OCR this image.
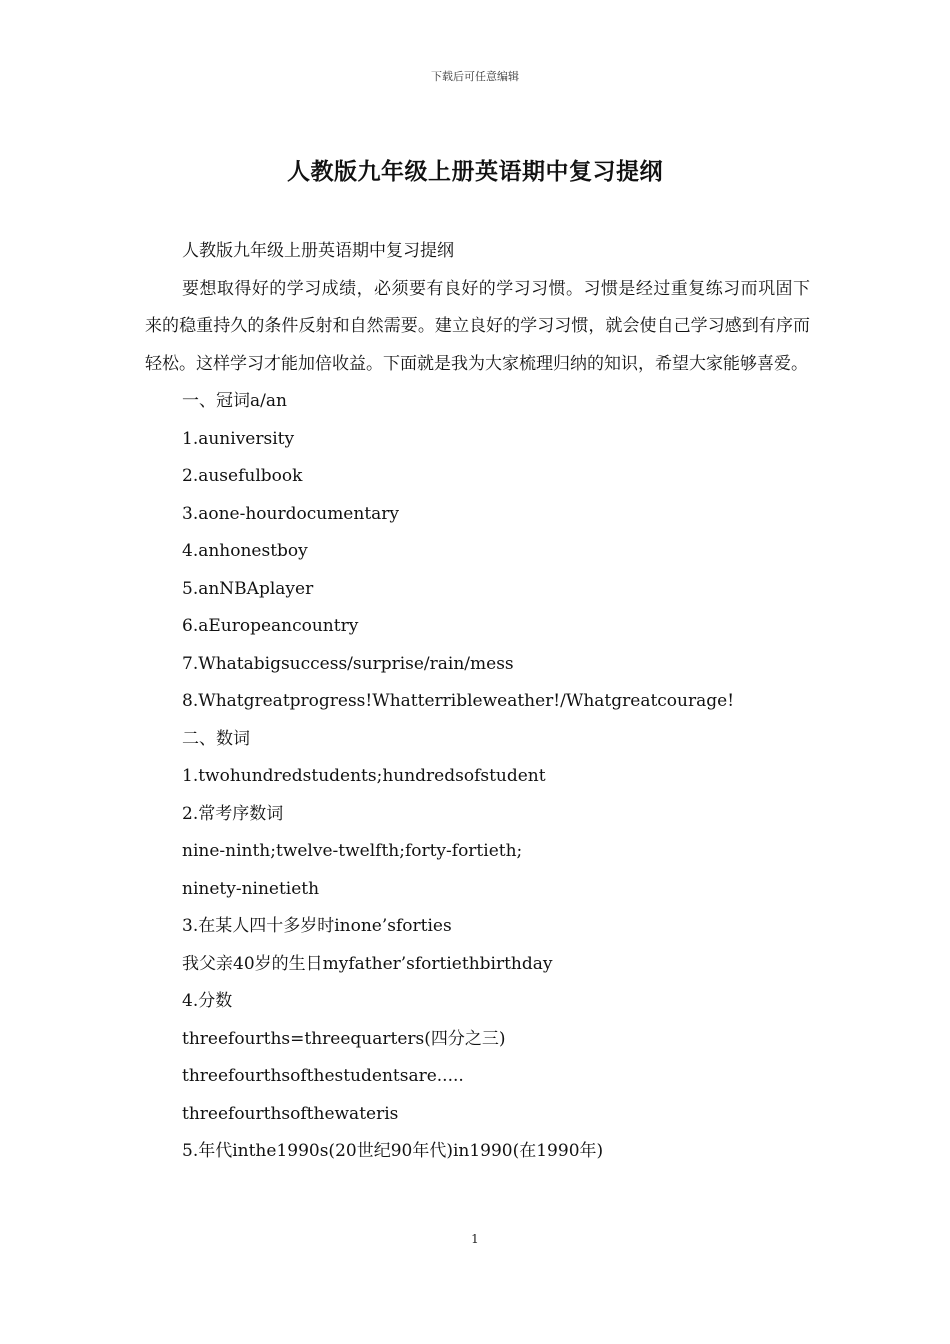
下载后可任意编辑
人教版九年级上册英语期中复习提纲

人教版九年级上册英语期中复习提纲

要想取得好的学习成绩，必须要有良好的学习习惯。习惯是经过重复练习而巩固下来的稳重持久的条件反射和自然需要。建立良好的学习习惯，就会使自己学习感到有序而轻松。这样学习才能加倍收益。下面就是我为大家梳理归纳的知识，希望大家能够喜爱。

一、冠词a/an

1.auniversity

2.ausefulbook

3.aone-hourdocumentary

4.anhonestboy

5.anNBAplayer

6.aEuropeancountry

7.Whatabigsuccess/surprise/rain/mess

8.Whatgreatprogress!Whatterribleweather!/Whatgreatcourage!

二、数词

1.twohundredstudents;hundredsofstudent

2.常考序数词

nine-ninth;twelve-twelfth;forty-fortieth;

ninety-ninetieth

3.在某人四十多岁时inone’sforties

我父亲40岁的生日myfather’sfortiethbirthday

4.分数

threefourths=threequarters(四分之三)

threefourthsofthestudentsare.....

threefourthsofthewateris

5.年代inthe1990s(20世纪90年代)in1990(在1990年)

1
